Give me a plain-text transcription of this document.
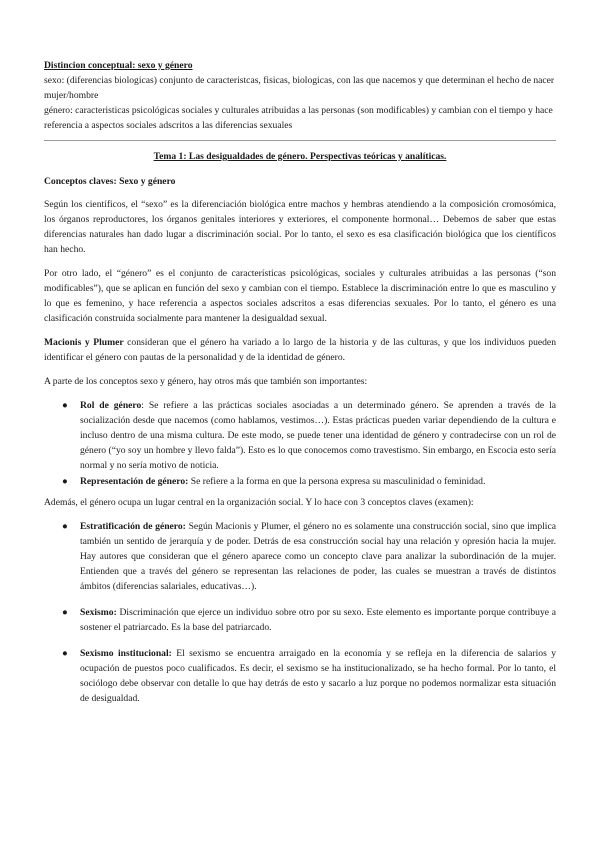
Distincion conceptual: sexo y género

sexo: (diferencias biologicas) conjunto de caracteristcas, fisicas, biologicas, con las que nacemos y que determinan el hecho de nacer mujer/hombre

género: caracteristicas psicológicas sociales y culturales atribuidas a las personas (son modificables) y cambian con el tiempo y hace referencia a aspectos sociales adscritos a las diferencias sexuales

Tema 1: Las desigualdades de género. Perspectivas teóricas y analíticas.

Conceptos claves: Sexo y género

Según los científicos, el “sexo” es la diferenciación biológica entre machos y hembras atendiendo a la composición cromosómica, los órganos reproductores, los órganos genitales interiores y exteriores, el componente hormonal… Debemos de saber que estas diferencias naturales han dado lugar a discriminación social. Por lo tanto, el sexo es esa clasificación biológica que los científicos han hecho.

Por otro lado, el “género” es el conjunto de características psicológicas, sociales y culturales atribuidas a las personas (“son modificables”), que se aplican en función del sexo y cambian con el tiempo. Establece la discriminación entre lo que es masculino y lo que es femenino, y hace referencia a aspectos sociales adscritos a esas diferencias sexuales. Por lo tanto, el género es una clasificación construida socialmente para mantener la desigualdad sexual.

Macionis y Plumer consideran que el género ha variado a lo largo de la historia y de las culturas, y que los individuos pueden identificar el género con pautas de la personalidad y de la identidad de género.

A parte de los conceptos sexo y género, hay otros más que también son importantes:

● Rol de género: Se refiere a las prácticas sociales asociadas a un determinado género. Se aprenden a través de la socialización desde que nacemos (como hablamos, vestimos…). Estas prácticas pueden variar dependiendo de la cultura e incluso dentro de una misma cultura. De este modo, se puede tener una identidad de género y contradecirse con un rol de género (“yo soy un hombre y llevo falda”). Esto es lo que conocemos como travestismo. Sin embargo, en Escocia esto sería normal y no sería motivo de noticia.
● Representación de género: Se refiere a la forma en que la persona expresa su masculinidad o feminidad.

Además, el género ocupa un lugar central en la organización social. Y lo hace con 3 conceptos claves (examen):

● Estratificación de género: Según Macionis y Plumer, el género no es solamente una construcción social, sino que implica también un sentido de jerarquía y de poder. Detrás de esa construcción social hay una relación y opresión hacia la mujer. Hay autores que consideran que el género aparece como un concepto clave para analizar la subordinación de la mujer. Entienden que a través del género se representan las relaciones de poder, las cuales se muestran a través de distintos ámbitos (diferencias salariales, educativas…).
● Sexismo: Discriminación que ejerce un individuo sobre otro por su sexo. Este elemento es importante porque contribuye a sostener el patriarcado. Es la base del patriarcado.
● Sexismo institucional: El sexismo se encuentra arraigado en la economía y se refleja en la diferencia de salarios y ocupación de puestos poco cualificados. Es decir, el sexismo se ha institucionalizado, se ha hecho formal. Por lo tanto, el sociólogo debe observar con detalle lo que hay detrás de esto y sacarlo a luz porque no podemos normalizar esta situación de desigualdad.
